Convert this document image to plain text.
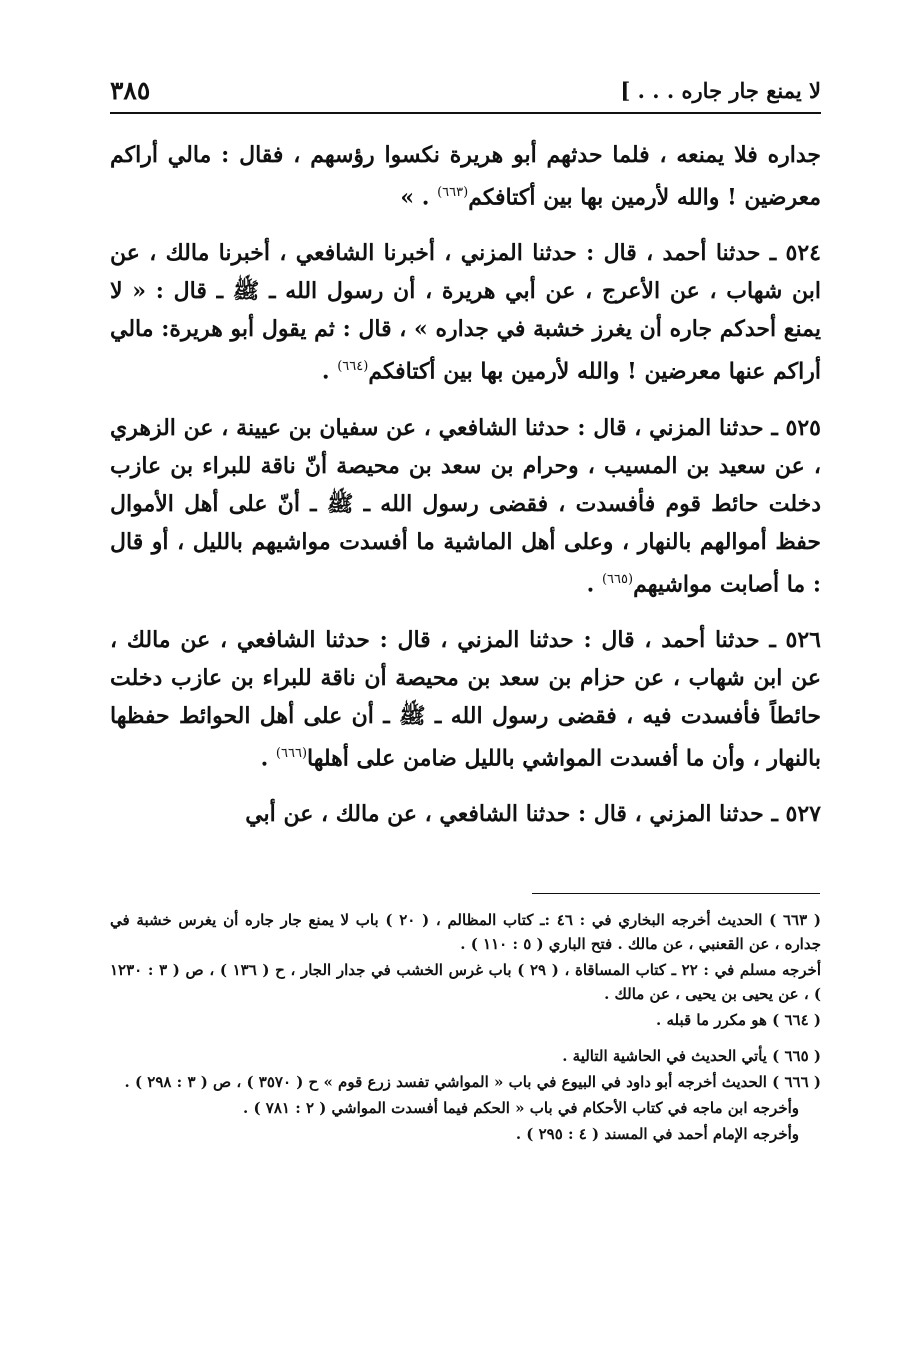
لا يمنع جار جاره . . . ]
٣٨٥

جداره فلا يمنعه ، فلما حدثهم أبو هريرة نكسوا رؤسهم ، فقال : مالي أراكم معرضين ! والله لأرمين بها بين أكتافكم$^{(٦٦٣)}$ . »

٥٢٤ ـ حدثنا أحمد ، قال : حدثنا المزني ، أخبرنا الشافعي ، أخبرنا مالك ، عن ابن شهاب ، عن الأعرج ، عن أبي هريرة ، أن رسول الله ـ ﷺ ـ قال : « لا يمنع أحدكم جاره أن يغرز خشبة في جداره » ، قال : ثم يقول أبو هريرة: مالي أراكم عنها معرضين ! والله لأرمين بها بين أكتافكم$^{(٦٦٤)}$ .

٥٢٥ ـ حدثنا المزني ، قال : حدثنا الشافعي ، عن سفيان بن عيينة ، عن الزهري ، عن سعيد بن المسيب ، وحرام بن سعد بن محيصة أنّ ناقة للبراء بن عازب دخلت حائط قوم فأفسدت ، فقضى رسول الله ـ ﷺ ـ أنّ على أهل الأموال حفظ أموالهم بالنهار ، وعلى أهل الماشية ما أفسدت مواشيهم بالليل ، أو قال : ما أصابت مواشيهم$^{(٦٦٥)}$ .

٥٢٦ ـ حدثنا أحمد ، قال : حدثنا المزني ، قال : حدثنا الشافعي ، عن مالك ، عن ابن شهاب ، عن حزام بن سعد بن محيصة أن ناقة للبراء بن عازب دخلت حائطاً فأفسدت فيه ، فقضى رسول الله ـ ﷺ ـ أن على أهل الحوائط حفظها بالنهار ، وأن ما أفسدت المواشي بالليل ضامن على أهلها$^{(٦٦٦)}$ .

٥٢٧ ـ حدثنا المزني ، قال : حدثنا الشافعي ، عن مالك ، عن أبي

( ٦٦٣ ) الحديث أخرجه البخاري في : ٤٦ :ـ كتاب المظالم ، ( ٢٠ ) باب لا يمنع جار جاره أن يغرس خشبة في جداره ، عن القعنبي ، عن مالك . فتح الباري ( ٥ : ١١٠ ) .

أخرجه مسلم في : ٢٢ ـ كتاب المساقاة ، ( ٢٩ ) باب غرس الخشب في جدار الجار ، ح ( ١٣٦ ) ، ص ( ٣ : ١٢٣٠ ) ، عن يحيى بن يحيى ، عن مالك .

( ٦٦٤ ) هو مكرر ما قبله .

( ٦٦٥ ) يأتي الحديث في الحاشية التالية .

( ٦٦٦ ) الحديث أخرجه أبو داود في البيوع في باب « المواشي تفسد زرع قوم » ح ( ٣٥٧٠ ) ، ص ( ٣ : ٢٩٨ ) .

وأخرجه ابن ماجه في كتاب الأحكام في باب « الحكم فيما أفسدت المواشي ( ٢ : ٧٨١ ) .

وأخرجه الإمام أحمد في المسند ( ٤ : ٢٩٥ ) .
